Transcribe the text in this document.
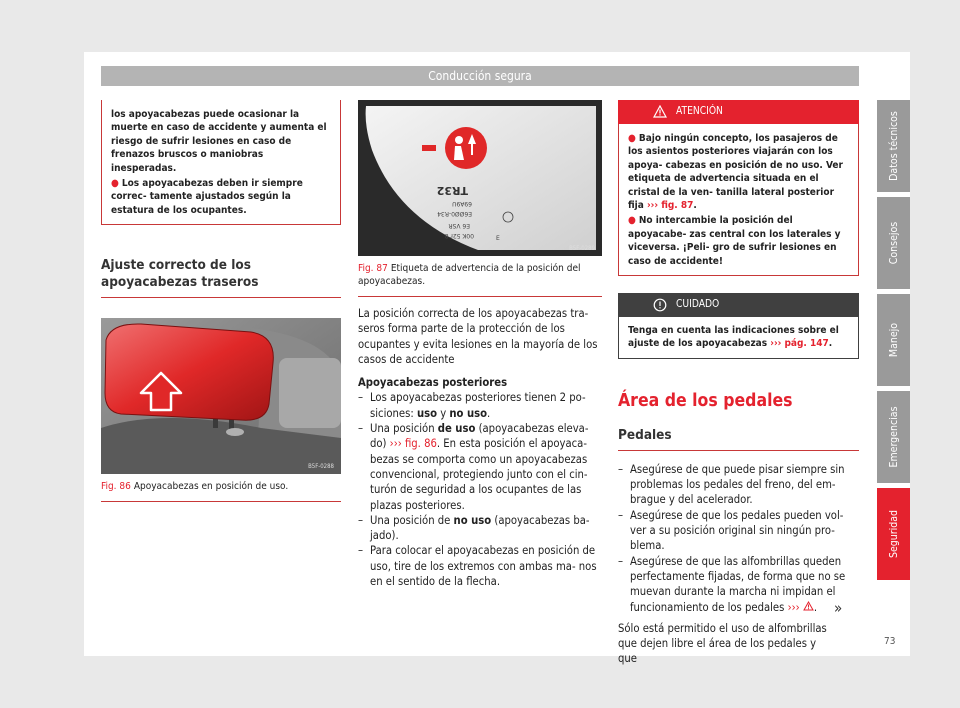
Conducción segura

los apoyacabezas puede ocasionar la muerte en caso de accidente y aumenta el riesgo de sufrir lesiones en caso de frenazos bruscos o maniobras inesperadas.

● Los apoyacabezas deben ir siempre correc- tamente ajustados según la estatura de los ocupantes.

Ajuste correcto de los apoyacabezas traseros
B5F-0288
Fig. 86 Apoyacabezas en posición de uso.
TR32
69A9U
E6ØØ0-R34
E6 VSR
00K 52r 8	E
B5F-0289
Fig. 87 Etiqueta de advertencia de la posición del apoyacabezas.

La posición correcta de los apoyacabezas tra- seros forma parte de la protección de los ocupantes y evita lesiones en la mayoría de los casos de accidente

Apoyacabezas posteriores

– Los apoyacabezas posteriores tienen 2 po- siciones: uso y no uso.
– Una posición de uso (apoyacabezas eleva- do) ››› fig. 86. En esta posición el apoyaca- bezas se comporta como un apoyacabezas convencional, protegiendo junto con el cin- turón de seguridad a los ocupantes de las plazas posteriores.
– Una posición de no uso (apoyacabezas ba- jado).
– Para colocar el apoyacabezas en posición de uso, tire de los extremos con ambas ma- nos en el sentido de la flecha.
ATENCIÓN

● Bajo ningún concepto, los pasajeros de los asientos posteriores viajarán con los apoya- cabezas en posición de no uso. Ver etiqueta de advertencia situada en el cristal de la ven- tanilla lateral posterior fija ››› fig. 87.

● No intercambie la posición del apoyacabe- zas central con los laterales y viceversa. ¡Peli- gro de sufrir lesiones en caso de accidente!

CUIDADO
Tenga en cuenta las indicaciones sobre el ajuste de los apoyacabezas ››› pág. 147.
Área de los pedales
Pedales
– Asegúrese de que puede pisar siempre sin problemas los pedales del freno, del em- brague y del acelerador.
– Asegúrese de que los pedales pueden vol- ver a su posición original sin ningún pro- blema.
– Asegúrese de que las alfombrillas queden perfectamente fijadas, de forma que no se muevan durante la marcha ni impidan el funcionamiento de los pedales ››› .

Sólo está permitido el uso de alfombrillas que dejen libre el área de los pedales y que

»
Datos técnicos
Consejos
Manejo
Emergencias
Seguridad
73
